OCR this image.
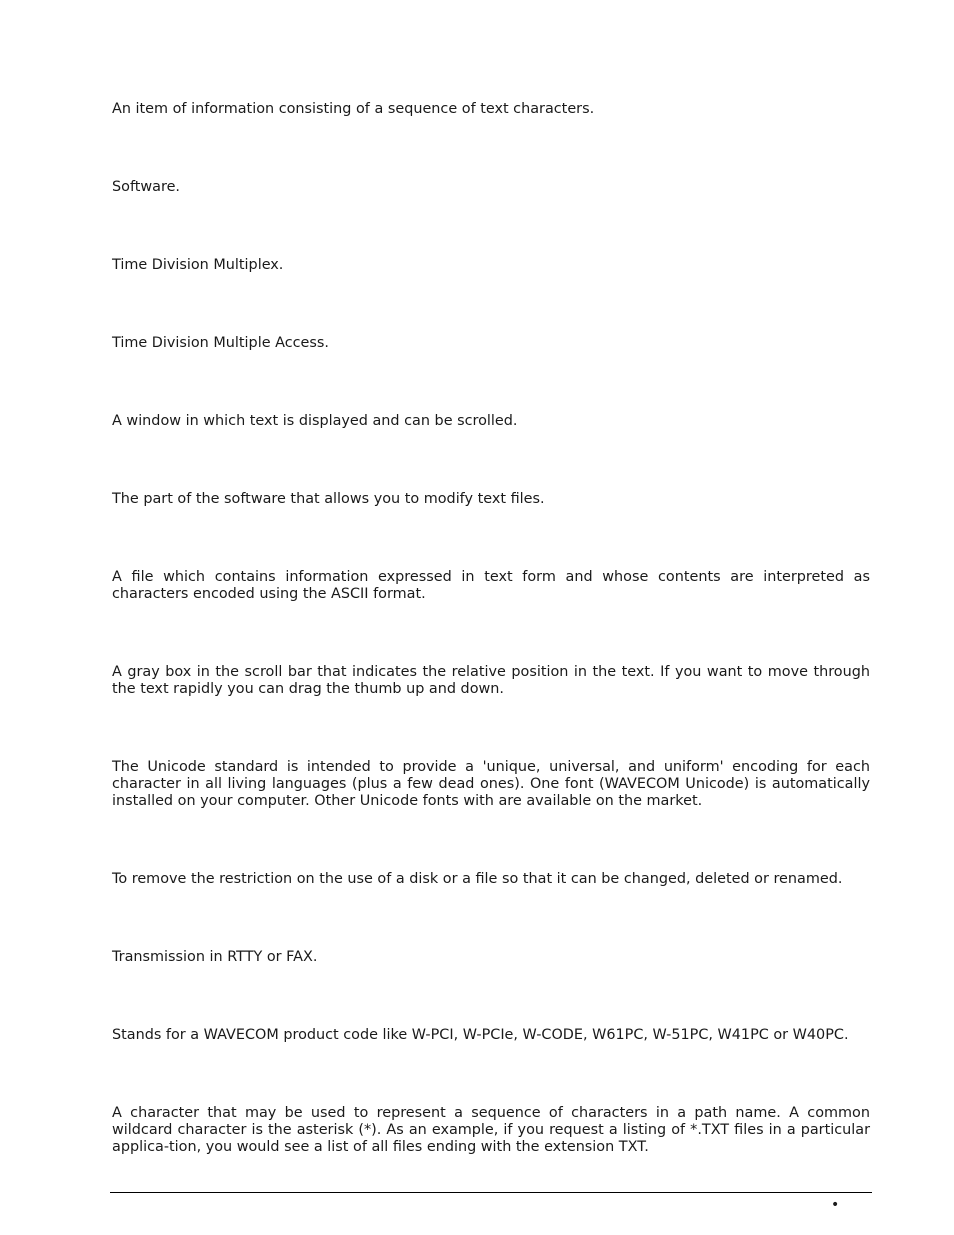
An item of information consisting of a sequence of text characters.

Software.

Time Division Multiplex.

Time Division Multiple Access.

A window in which text is displayed and can be scrolled.

The part of the software that allows you to modify text files.

A file which contains information expressed in text form and whose contents are interpreted as characters encoded using the ASCII format.

A gray box in the scroll bar that indicates the relative position in the text. If you want to move through the text rapidly you can drag the thumb up and down.

The Unicode standard is intended to provide a 'unique, universal, and uniform' encoding for each character in all living languages (plus a few dead ones). One font (WAVECOM Unicode) is automatically installed on your computer. Other Unicode fonts with are available on the market.

To remove the restriction on the use of a disk or a file so that it can be changed, deleted or renamed.

Transmission in RTTY or FAX.

Stands for a WAVECOM product code like W-PCI, W-PCIe, W-CODE, W61PC, W-51PC, W41PC or W40PC.

A character that may be used to represent a sequence of characters in a path name. A common wildcard character is the asterisk (*). As an example, if you request a listing of *.TXT files in a particular applica-tion, you would see a list of all files ending with the extension TXT.

•
